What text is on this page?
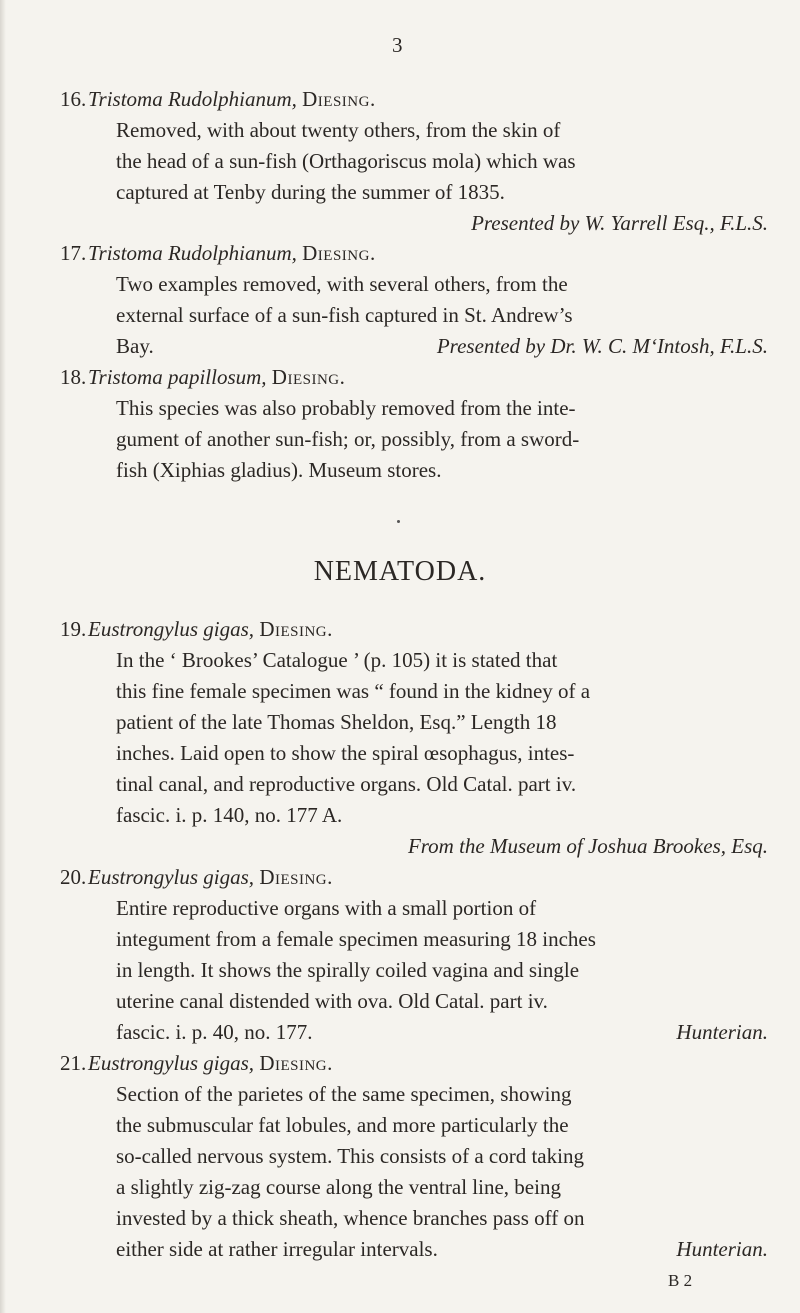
3
16. Tristoma Rudolphianum, Diesing.
Removed, with about twenty others, from the skin of
the head of a sun-fish (Orthagoriscus mola) which was
captured at Tenby during the summer of 1835.
Presented by W. Yarrell Esq., F.L.S.
17. Tristoma Rudolphianum, Diesing.
Two examples removed, with several others, from the
external surface of a sun-fish captured in St. Andrew’s
Bay.	Presented by Dr. W. C. M‘Intosh, F.L.S.
18. Tristoma papillosum, Diesing.
This species was also probably removed from the inte-
gument of another sun-fish; or, possibly, from a sword-
fish (Xiphias gladius). Museum stores.
NEMATODA.
19. Eustrongylus gigas, Diesing.
In the ‘ Brookes’ Catalogue ’ (p. 105) it is stated that
this fine female specimen was “ found in the kidney of a
patient of the late Thomas Sheldon, Esq.” Length 18
inches. Laid open to show the spiral œsophagus, intes-
tinal canal, and reproductive organs. Old Catal. part iv.
fascic. i. p. 140, no. 177 A.
From the Museum of Joshua Brookes, Esq.
20. Eustrongylus gigas, Diesing.
Entire reproductive organs with a small portion of
integument from a female specimen measuring 18 inches
in length. It shows the spirally coiled vagina and single
uterine canal distended with ova. Old Catal. part iv.
fascic. i. p. 40, no. 177.	Hunterian.
21. Eustrongylus gigas, Diesing.
Section of the parietes of the same specimen, showing
the submuscular fat lobules, and more particularly the
so-called nervous system. This consists of a cord taking
a slightly zig-zag course along the ventral line, being
invested by a thick sheath, whence branches pass off on
either side at rather irregular intervals.	Hunterian.
B 2
